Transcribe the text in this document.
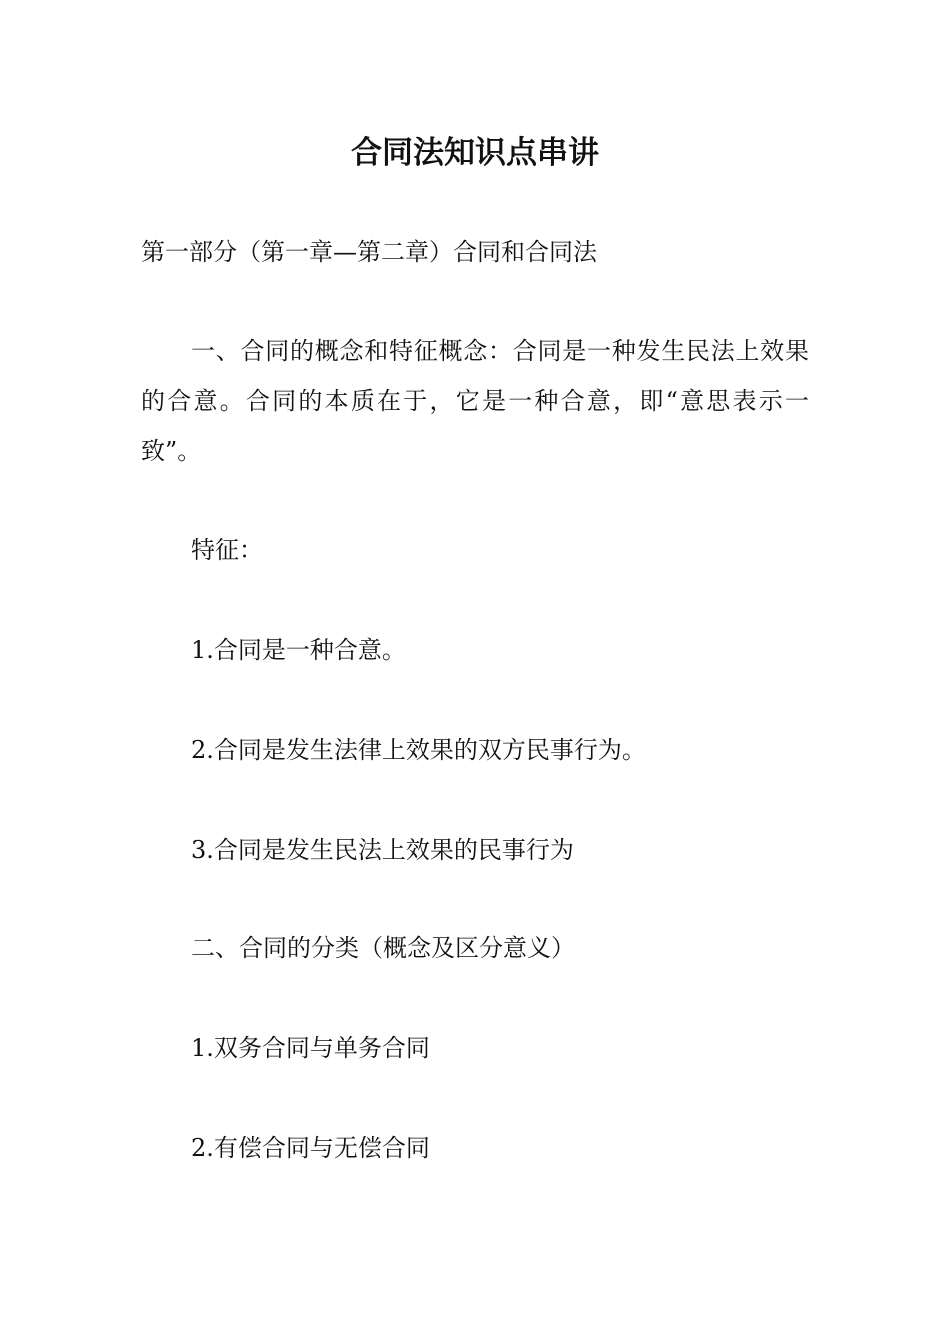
合同法知识点串讲

第一部分（第一章—第二章）合同和合同法

一、合同的概念和特征概念：合同是一种发生民法上效果的合意。合同的本质在于，它是一种合意，即“意思表示一致”。

特征：

1.合同是一种合意。

2.合同是发生法律上效果的双方民事行为。

3.合同是发生民法上效果的民事行为

二、合同的分类（概念及区分意义）

1.双务合同与单务合同

2.有偿合同与无偿合同
